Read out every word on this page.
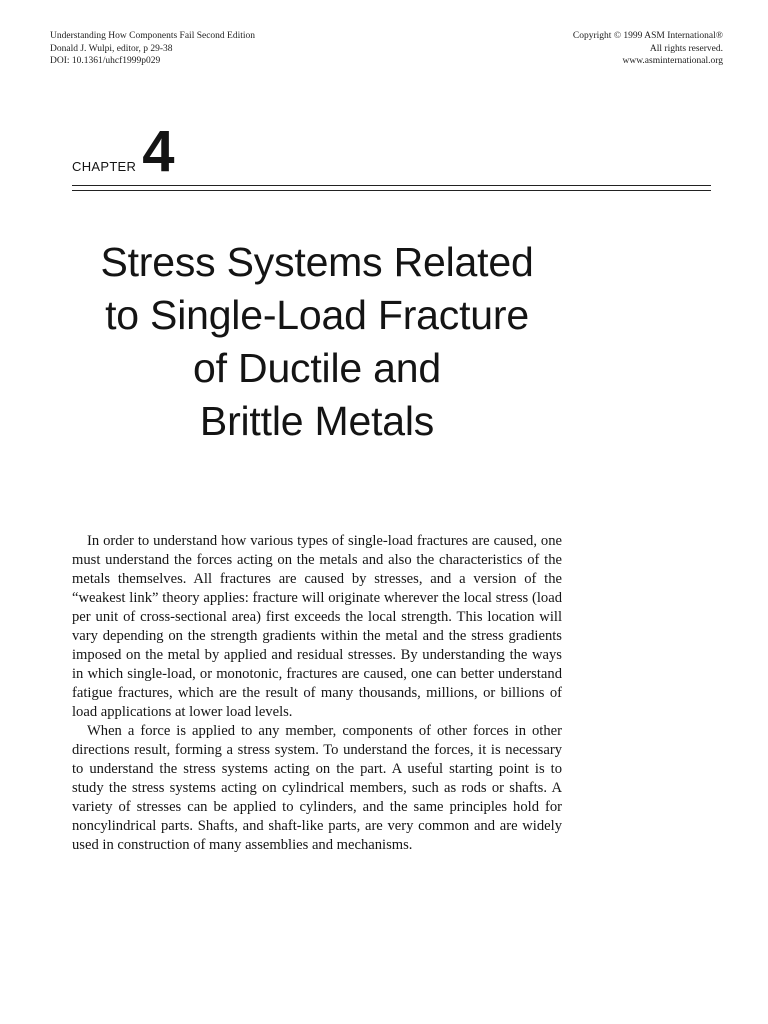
Understanding How Components Fail Second Edition
Donald J. Wulpi, editor, p 29-38
DOI: 10.1361/uhcf1999p029
Copyright © 1999 ASM International®
All rights reserved.
www.asminternational.org
CHAPTER 4
Stress Systems Related
to Single-Load Fracture
of Ductile and
Brittle Metals

In order to understand how various types of single-load fractures are caused, one must understand the forces acting on the metals and also the characteristics of the metals themselves. All fractures are caused by stresses, and a version of the “weakest link” theory applies: fracture will originate wherever the local stress (load per unit of cross-sectional area) first exceeds the local strength. This location will vary depending on the strength gradients within the metal and the stress gradients imposed on the metal by applied and residual stresses. By understanding the ways in which single-load, or monotonic, fractures are caused, one can better understand fatigue fractures, which are the result of many thousands, millions, or billions of load applications at lower load levels.

When a force is applied to any member, components of other forces in other directions result, forming a stress system. To understand the forces, it is necessary to understand the stress systems acting on the part. A useful starting point is to study the stress systems acting on cylindrical members, such as rods or shafts. A variety of stresses can be applied to cylinders, and the same principles hold for noncylindrical parts. Shafts, and shaft-like parts, are very common and are widely used in construction of many assemblies and mechanisms.
